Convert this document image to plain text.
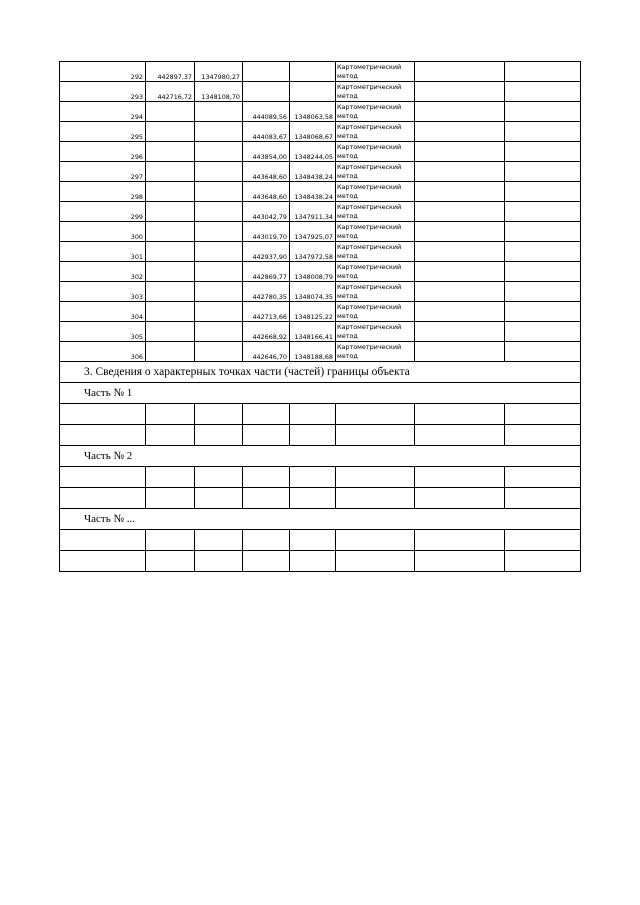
292	442897,37	1347980,27			Картометрический метод		
293	442716,72	1348108,70			Картометрический метод		
294			444089,56	1348063,58	Картометрический метод		
295			444083,67	1348068,67	Картометрический метод		
296			443854,00	1348244,05	Картометрический метод		
297			443648,60	1348438,24	Картометрический метод		
298			443648,60	1348438,24	Картометрический метод		
299			443042,79	1347911,34	Картометрический метод		
300			443019,70	1347925,07	Картометрический метод		
301			442937,90	1347972,58	Картометрический метод		
302			442869,77	1348008,79	Картометрический метод		
303			442780,35	1348074,35	Картометрический метод		
304			442713,66	1348125,22	Картометрический метод		
305			442668,92	1348166,41	Картометрический метод		
306			442646,70	1348188,68	Картометрический метод		
3. Сведения о характерных точках части (частей) границы объекта							
Часть № 1							

Часть № 2							

Часть № ...							
